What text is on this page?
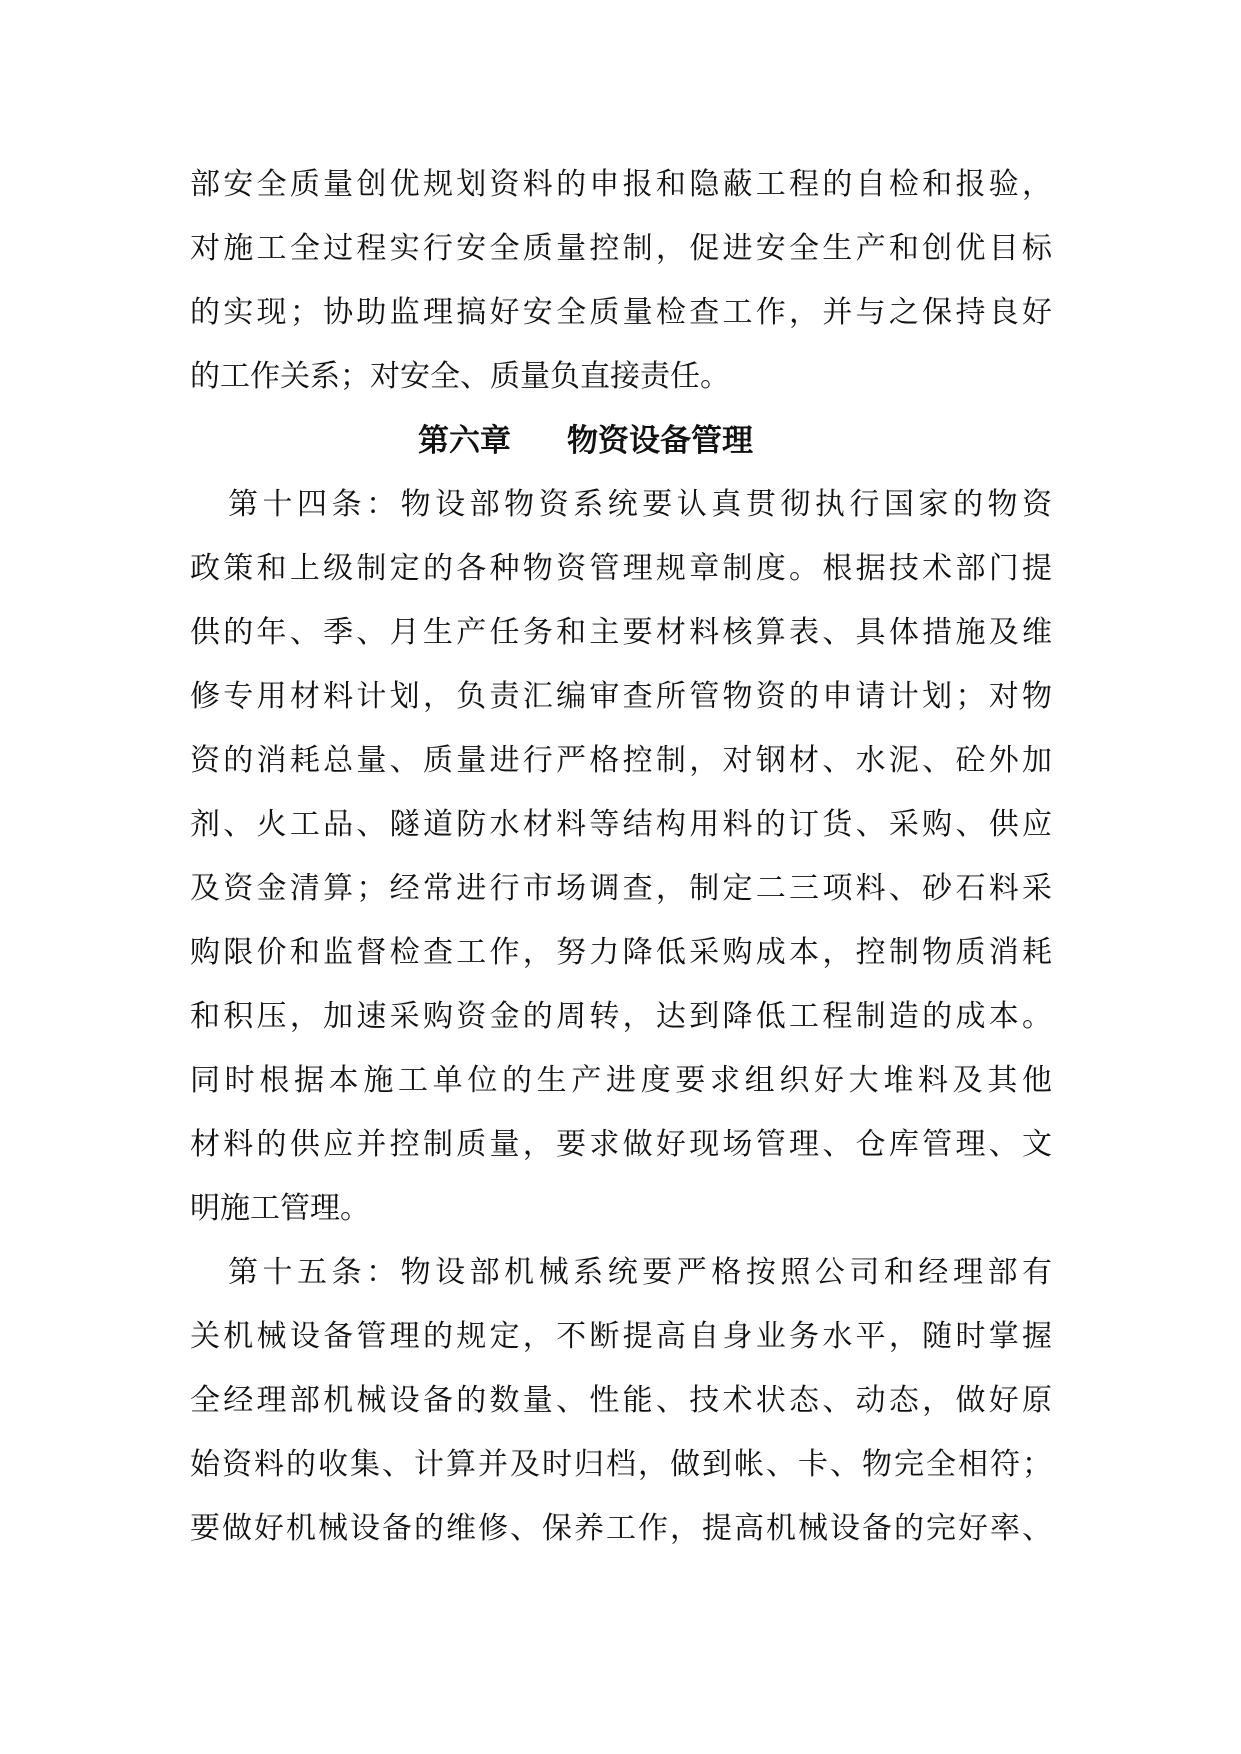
部安全质量创优规划资料的申报和隐蔽工程的自检和报验，
对施工全过程实行安全质量控制，促进安全生产和创优目标
的实现；协助监理搞好安全质量检查工作，并与之保持良好
的工作关系；对安全、质量负直接责任。
第六章 物资设备管理
第十四条：物设部物资系统要认真贯彻执行国家的物资
政策和上级制定的各种物资管理规章制度。根据技术部门提
供的年、季、月生产任务和主要材料核算表、具体措施及维
修专用材料计划，负责汇编审查所管物资的申请计划；对物
资的消耗总量、质量进行严格控制，对钢材、水泥、砼外加
剂、火工品、隧道防水材料等结构用料的订货、采购、供应
及资金清算；经常进行市场调查，制定二三项料、砂石料采
购限价和监督检查工作，努力降低采购成本，控制物质消耗
和积压，加速采购资金的周转，达到降低工程制造的成本。
同时根据本施工单位的生产进度要求组织好大堆料及其他
材料的供应并控制质量，要求做好现场管理、仓库管理、文
明施工管理。
第十五条：物设部机械系统要严格按照公司和经理部有
关机械设备管理的规定，不断提高自身业务水平，随时掌握
全经理部机械设备的数量、性能、技术状态、动态，做好原
始资料的收集、计算并及时归档，做到帐、卡、物完全相符；
要做好机械设备的维修、保养工作，提高机械设备的完好率、
